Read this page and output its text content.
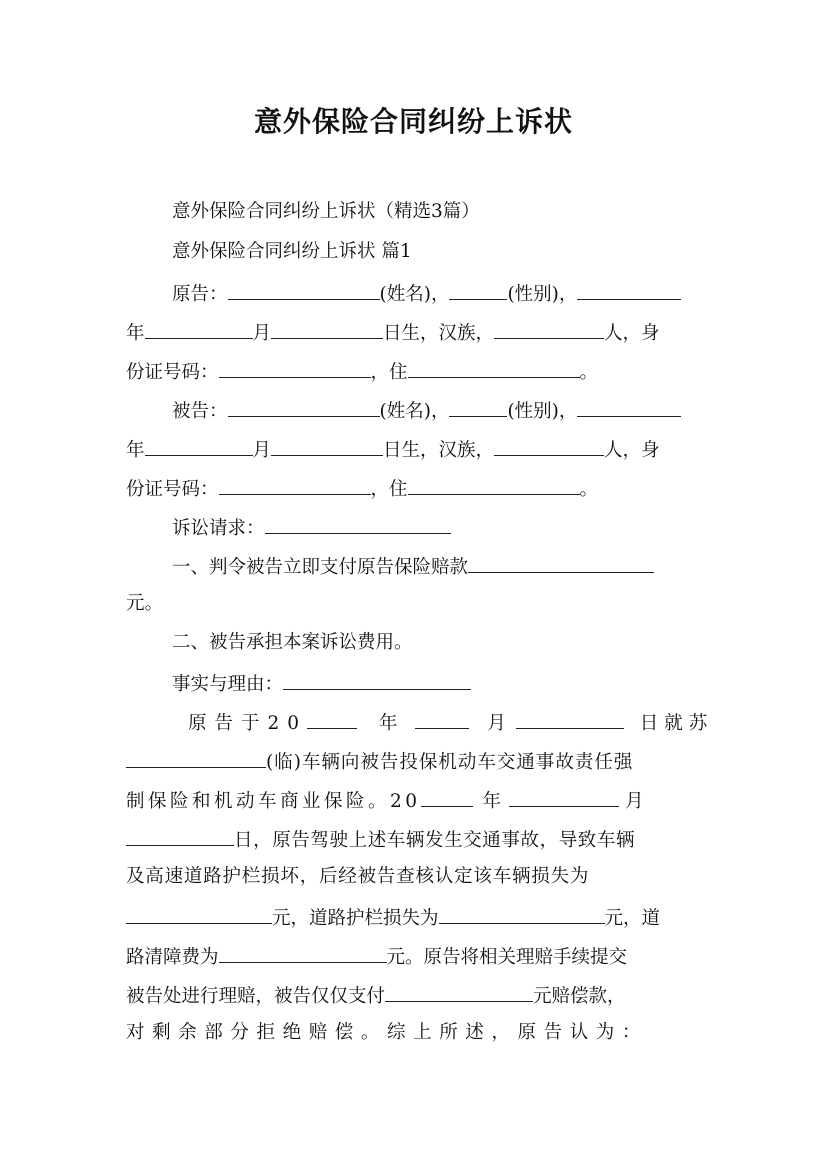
意外保险合同纠纷上诉状
意外保险合同纠纷上诉状（精选3篇）
意外保险合同纠纷上诉状 篇1
原告：	(姓名)，	(性别)，
年	月	日生，汉族，	人，身
份证号码：	，住	。
被告：	(姓名)，	(性别)，
年	月	日生，汉族，	人，身
份证号码：	，住	。
诉讼请求：
一、判令被告立即支付原告保险赔款
元。
二、被告承担本案诉讼费用。
事实与理由：
原告于20	年	月	日就苏
(临)车辆向被告投保机动车交通事故责任强
制保险和机动车商业保险。20	年	月
日，原告驾驶上述车辆发生交通事故，导致车辆
及高速道路护栏损坏，后经被告查核认定该车辆损失为
元，道路护栏损失为	元，道
路清障费为	元。原告将相关理赔手续提交
被告处进行理赔，被告仅仅支付	元赔偿款，
对剩余部分拒绝赔偿。综上所述，原告认为：
